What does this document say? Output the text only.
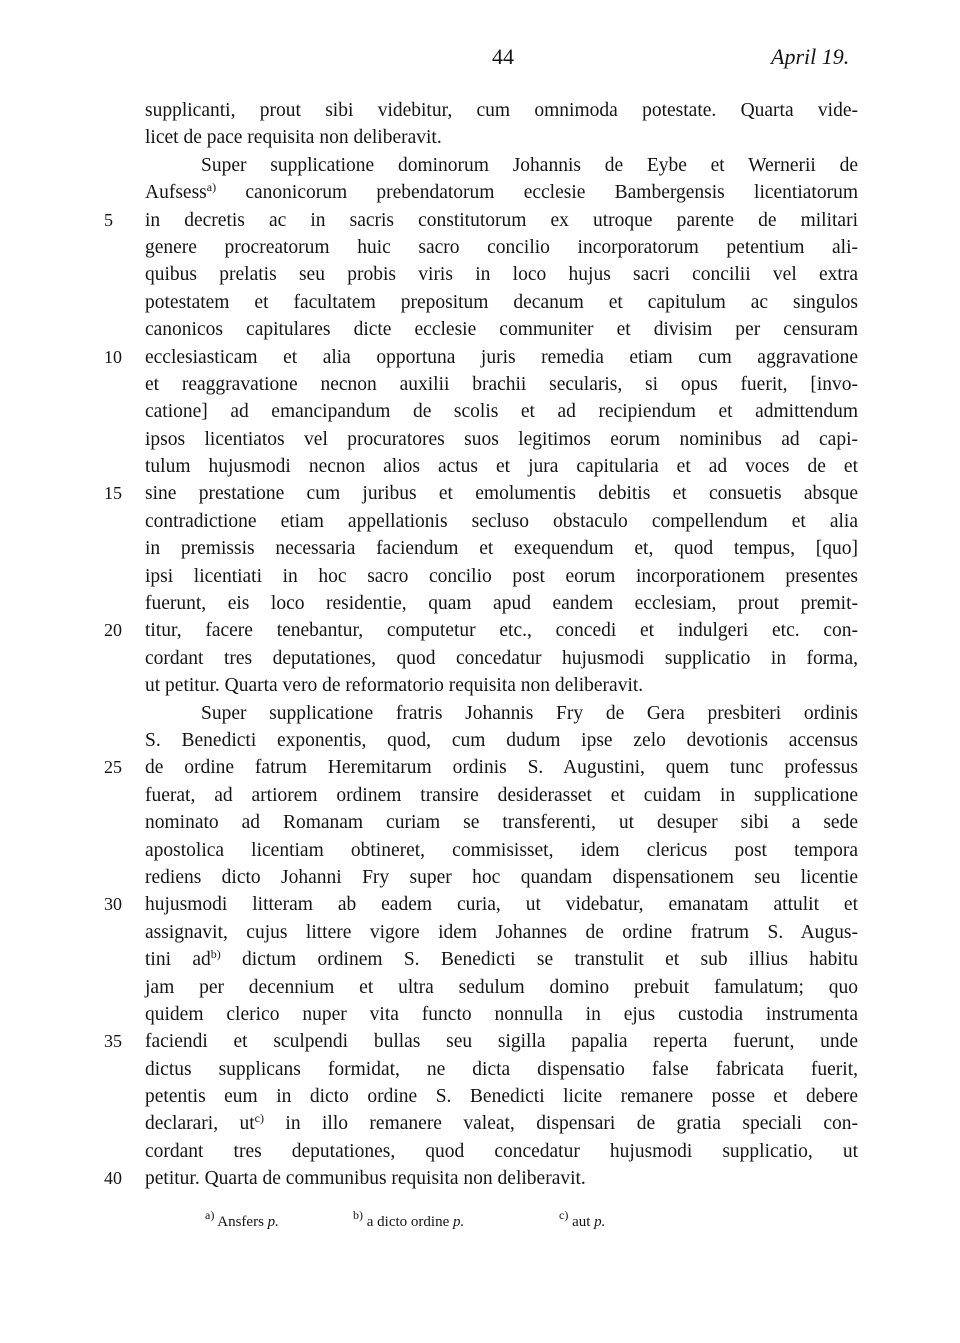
44	April 19.
supplicanti, prout sibi videbitur, cum omnimoda potestate. Quarta vide-
licet de pace requisita non deliberavit.
Super supplicatione dominorum Johannis de Eybe et Wernerii de
Aufsess$^{a)}$ canonicorum prebendatorum ecclesie Bambergensis licentiatorum
5	in decretis ac in sacris constitutorum ex utroque parente de militari
genere procreatorum huic sacro concilio incorporatorum petentium ali-
quibus prelatis seu probis viris in loco hujus sacri concilii vel extra
potestatem et facultatem prepositum decanum et capitulum ac singulos
canonicos capitulares dicte ecclesie communiter et divisim per censuram
10 ecclesiasticam et alia opportuna juris remedia etiam cum aggravatione
et reaggravatione necnon auxilii brachii secularis, si opus fuerit, [invo-
catione] ad emancipandum de scolis et ad recipiendum et admittendum
ipsos licentiatos vel procuratores suos legitimos eorum nominibus ad capi-
tulum hujusmodi necnon alios actus et jura capitularia et ad voces de et
15 sine prestatione cum juribus et emolumentis debitis et consuetis absque
contradictione etiam appellationis secluso obstaculo compellendum et alia
in premissis necessaria faciendum et exequendum et, quod tempus, [quo]
ipsi licentiati in hoc sacro concilio post eorum incorporationem presentes
fuerunt, eis loco residentie, quam apud eandem ecclesiam, prout premit-
20 titur, facere tenebantur, computetur etc., concedi et indulgeri etc. con-
cordant tres deputationes, quod concedatur hujusmodi supplicatio in forma,
ut petitur. Quarta vero de reformatorio requisita non deliberavit.
Super supplicatione fratris Johannis Fry de Gera presbiteri ordinis
S. Benedicti exponentis, quod, cum dudum ipse zelo devotionis accensus
25 de ordine fatrum Heremitarum ordinis S. Augustini, quem tunc professus
fuerat, ad artiorem ordinem transire desiderasset et cuidam in supplicatione
nominato ad Romanam curiam se transferenti, ut desuper sibi a sede
apostolica licentiam obtineret, commisisset, idem clericus post tempora
rediens dicto Johanni Fry super hoc quandam dispensationem seu licentie
30 hujusmodi litteram ab eadem curia, ut videbatur, emanatam attulit et
assignavit, cujus littere vigore idem Johannes de ordine fratrum S. Augus-
tini $ad^{b)}$ dictum ordinem S. Benedicti se transtulit et sub illius habitu
jam per decennium et ultra sedulum domino prebuit famulatum; quo
quidem clerico nuper vita functo nonnulla in ejus custodia instrumenta
35 faciendi et sculpendi bullas seu sigilla papalia reperta fuerunt, unde
dictus supplicans formidat, ne dicta dispensatio false fabricata fuerit,
petentis eum in dicto ordine S. Benedicti licite remanere posse et debere
declarari, $ut^{c)}$ in illo remanere valeat, dispensari de gratia speciali con-
cordant tres deputationes, quod concedatur hujusmodi supplicatio, ut
40 petitur. Quarta de communibus requisita non deliberavit.
$^{a)}$ Ansfers p.	$^{b)}$ a dicto ordine p.	$^{c)}$ aut p.
